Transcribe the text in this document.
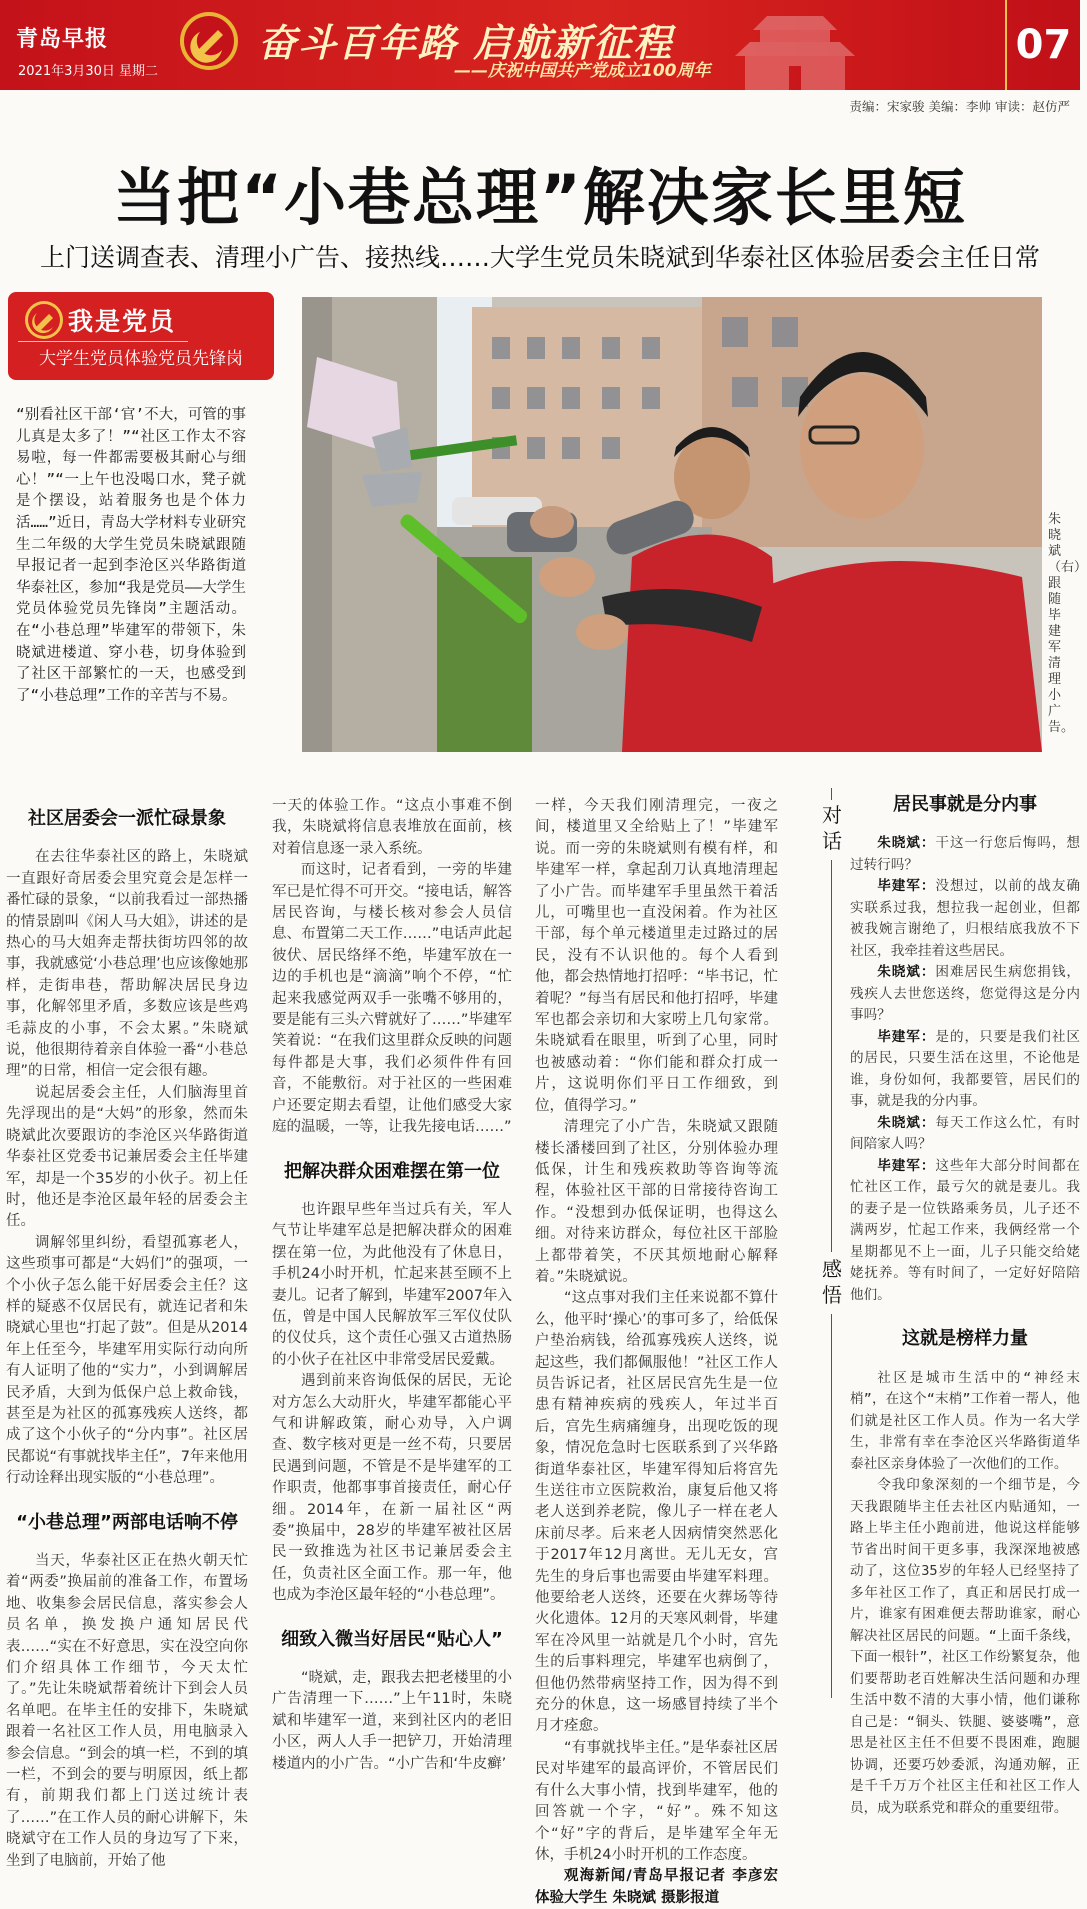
青岛早报
2021年3月30日 星期二
奋斗百年路 启航新征程
——庆祝中国共产党成立100周年
07
责编：宋家骏 美编：李帅 审读：赵仿严
当把“小巷总理”解决家长里短
上门送调查表、清理小广告、接热线……大学生党员朱晓斌到华泰社区体验居委会主任日常
我是党员
大学生党员体验党员先锋岗
“别看社区干部‘官’不大，可管的事儿真是太多了！”“社区工作太不容易啦，每一件都需要极其耐心与细心！”“一上午也没喝口水，凳子就是个摆设，站着服务也是个体力活……”近日，青岛大学材料专业研究生二年级的大学生党员朱晓斌跟随早报记者一起到李沧区兴华路街道华泰社区，参加“我是党员——大学生党员体验党员先锋岗”主题活动。在“小巷总理”毕建军的带领下，朱晓斌进楼道、穿小巷，切身体验到了社区干部繁忙的一天，也感受到了“小巷总理”工作的辛苦与不易。
朱晓斌（右）跟随毕建军清理小广告。
社区居委会一派忙碌景象

在去往华泰社区的路上，朱晓斌一直跟好奇居委会里究竟会是怎样一番忙碌的景象，“以前我看过一部热播的情景剧叫《闲人马大姐》，讲述的是热心的马大姐奔走帮扶街坊四邻的故事，我就感觉‘小巷总理’也应该像她那样，走街串巷，帮助解决居民身边事，化解邻里矛盾，多数应该是些鸡毛蒜皮的小事，不会太累。”朱晓斌说，他很期待着亲自体验一番“小巷总理”的日常，相信一定会很有趣。

说起居委会主任，人们脑海里首先浮现出的是“大妈”的形象，然而朱晓斌此次要跟访的李沧区兴华路街道华泰社区党委书记兼居委会主任毕建军，却是一个35岁的小伙子。初上任时，他还是李沧区最年轻的居委会主任。

调解邻里纠纷，看望孤寡老人，这些琐事可都是“大妈们”的强项，一个小伙子怎么能干好居委会主任？这样的疑惑不仅居民有，就连记者和朱晓斌心里也“打起了鼓”。但是从2014年上任至今，毕建军用实际行动向所有人证明了他的“实力”，小到调解居民矛盾，大到为低保户总上救命钱，甚至是为社区的孤寡残疾人送终，都成了这个小伙子的“分内事”。社区居民都说“有事就找毕主任”，7年来他用行动诠释出现实版的“小巷总理”。

“小巷总理”两部电话响不停

当天，华泰社区正在热火朝天忙着“两委”换届前的准备工作，布置场地、收集参会居民信息，落实参会人员名单，换发换户通知居民代表……“实在不好意思，实在没空向你们介绍具体工作细节，今天太忙了。”先让朱晓斌帮着统计下到会人员名单吧。在毕主任的安排下，朱晓斌跟着一名社区工作人员，用电脑录入参会信息。“到会的填一栏，不到的填一栏，不到会的要与明原因，纸上都有，前期我们都上门送过统计表了……”在工作人员的耐心讲解下，朱晓斌守在工作人员的身边写了下来，坐到了电脑前，开始了他

一天的体验工作。“这点小事难不倒我，朱晓斌将信息表堆放在面前，核对着信息逐一录入系统。

而这时，记者看到，一旁的毕建军已是忙得不可开交。“接电话，解答居民咨询，与楼长核对参会人员信息、布置第二天工作……”电话声此起彼伏、居民络绎不绝，毕建军放在一边的手机也是“滴滴”响个不停，“忙起来我感觉两双手一张嘴不够用的，要是能有三头六臂就好了……”毕建军笑着说：“在我们这里群众反映的问题每件都是大事，我们必须件件有回音，不能敷衍。对于社区的一些困难户还要定期去看望，让他们感受大家庭的温暖，一等，让我先接电话……”

把解决群众困难摆在第一位

也许跟早些年当过兵有关，军人气节让毕建军总是把解决群众的困难摆在第一位，为此他没有了休息日，手机24小时开机，忙起来甚至顾不上妻儿。记者了解到，毕建军2007年入伍，曾是中国人民解放军三军仪仗队的仪仗兵，这个责任心强又古道热肠的小伙子在社区中非常受居民爱戴。

遇到前来咨询低保的居民，无论对方怎么大动肝火，毕建军都能心平气和讲解政策，耐心劝导，入户调查、数字核对更是一丝不苟，只要居民遇到问题，不管是不是毕建军的工作职责，他都事事首接责任，耐心仔细。2014年，在新一届社区“两委”换届中，28岁的毕建军被社区居民一致推选为社区书记兼居委会主任，负责社区全面工作。那一年，他也成为李沧区最年轻的“小巷总理”。

细致入微当好居民“贴心人”

“晓斌，走，跟我去把老楼里的小广告清理一下……”上午11时，朱晓斌和毕建军一道，来到社区内的老旧小区，两人人手一把铲刀，开始清理楼道内的小广告。“小广告和‘牛皮癣’

一样，今天我们刚清理完，一夜之间，楼道里又全给贴上了！”毕建军说。而一旁的朱晓斌则有模有样，和毕建军一样，拿起刮刀认真地清理起了小广告。而毕建军手里虽然干着活儿，可嘴里也一直没闲着。作为社区干部，每个单元楼道里走过路过的居民，没有不认识他的。每个人看到他，都会热情地打招呼：“毕书记，忙着呢？”每当有居民和他打招呼，毕建军也都会亲切和大家唠上几句家常。朱晓斌看在眼里，听到了心里，同时也被感动着：“你们能和群众打成一片，这说明你们平日工作细致，到位，值得学习。”

清理完了小广告，朱晓斌又跟随楼长潘楼回到了社区，分别体验办理低保，计生和残疾救助等咨询等流程，体验社区干部的日常接待咨询工作。“没想到办低保证明，也得这么细。对待来访群众，每位社区干部脸上都带着笑，不厌其烦地耐心解释着。”朱晓斌说。

“这点事对我们主任来说都不算什么，他平时‘操心’的事可多了，给低保户垫治病钱，给孤寡残疾人送终，说起这些，我们都佩服他！”社区工作人员告诉记者，社区居民宫先生是一位患有精神疾病的残疾人，年过半百后，宫先生病痛缠身，出现吃饭的现象，情况危急时七医联系到了兴华路街道华泰社区，毕建军得知后将宫先生送往市立医院救治，康复后他又将老人送到养老院，像儿子一样在老人床前尽孝。后来老人因病情突然恶化于2017年12月离世。无儿无女，宫先生的身后事也需要由毕建军料理。他要给老人送终，还要在火葬场等待火化遗体。12月的天寒风刺骨，毕建军在冷风里一站就是几个小时，宫先生的后事料理完，毕建军也病倒了，但他仍然带病坚持工作，因为得不到充分的休息，这一场感冒持续了半个月才痊愈。

“有事就找毕主任。”是华泰社区居民对毕建军的最高评价，不管居民们有什么大事小情，找到毕建军，他的回答就一个字，“好”。殊不知这个“好”字的背后，是毕建军全年无休，手机24小时开机的工作态度。

观海新闻/青岛早报记者 李彦宏 体验大学生 朱晓斌 摄影报道

对话
感悟
居民事就是分内事

朱晓斌：干这一行您后悔吗，想过转行吗？

毕建军：没想过，以前的战友确实联系过我，想拉我一起创业，但都被我婉言谢绝了，归根结底我放不下社区，我牵挂着这些居民。

朱晓斌：困难居民生病您捐钱，残疾人去世您送终，您觉得这是分内事吗？

毕建军：是的，只要是我们社区的居民，只要生活在这里，不论他是谁，身份如何，我都要管，居民们的事，就是我的分内事。

朱晓斌：每天工作这么忙，有时间陪家人吗？

毕建军：这些年大部分时间都在忙社区工作，最亏欠的就是妻儿。我的妻子是一位铁路乘务员，儿子还不满两岁，忙起工作来，我俩经常一个星期都见不上一面，儿子只能交给姥姥抚养。等有时间了，一定好好陪陪他们。

这就是榜样力量

社区是城市生活中的“神经末梢”，在这个“末梢”工作着一帮人，他们就是社区工作人员。作为一名大学生，非常有幸在李沧区兴华路街道华泰社区亲身体验了一次他们的工作。

令我印象深刻的一个细节是，今天我跟随毕主任去社区内贴通知，一路上毕主任小跑前进，他说这样能够节省出时间干更多事，我深深地被感动了，这位35岁的年轻人已经坚持了多年社区工作了，真正和居民打成一片，谁家有困难便去帮助谁家，耐心解决社区居民的问题。“上面千条线，下面一根针”，社区工作纷繁复杂，他们要帮助老百姓解决生活问题和办理生活中数不清的大事小情，他们谦称自己是：“铜头、铁腿、婆婆嘴”，意思是社区主任不但要不畏困难，跑腿协调，还要巧妙委派，沟通劝解，正是千千万万个社区主任和社区工作人员，成为联系党和群众的重要纽带。
